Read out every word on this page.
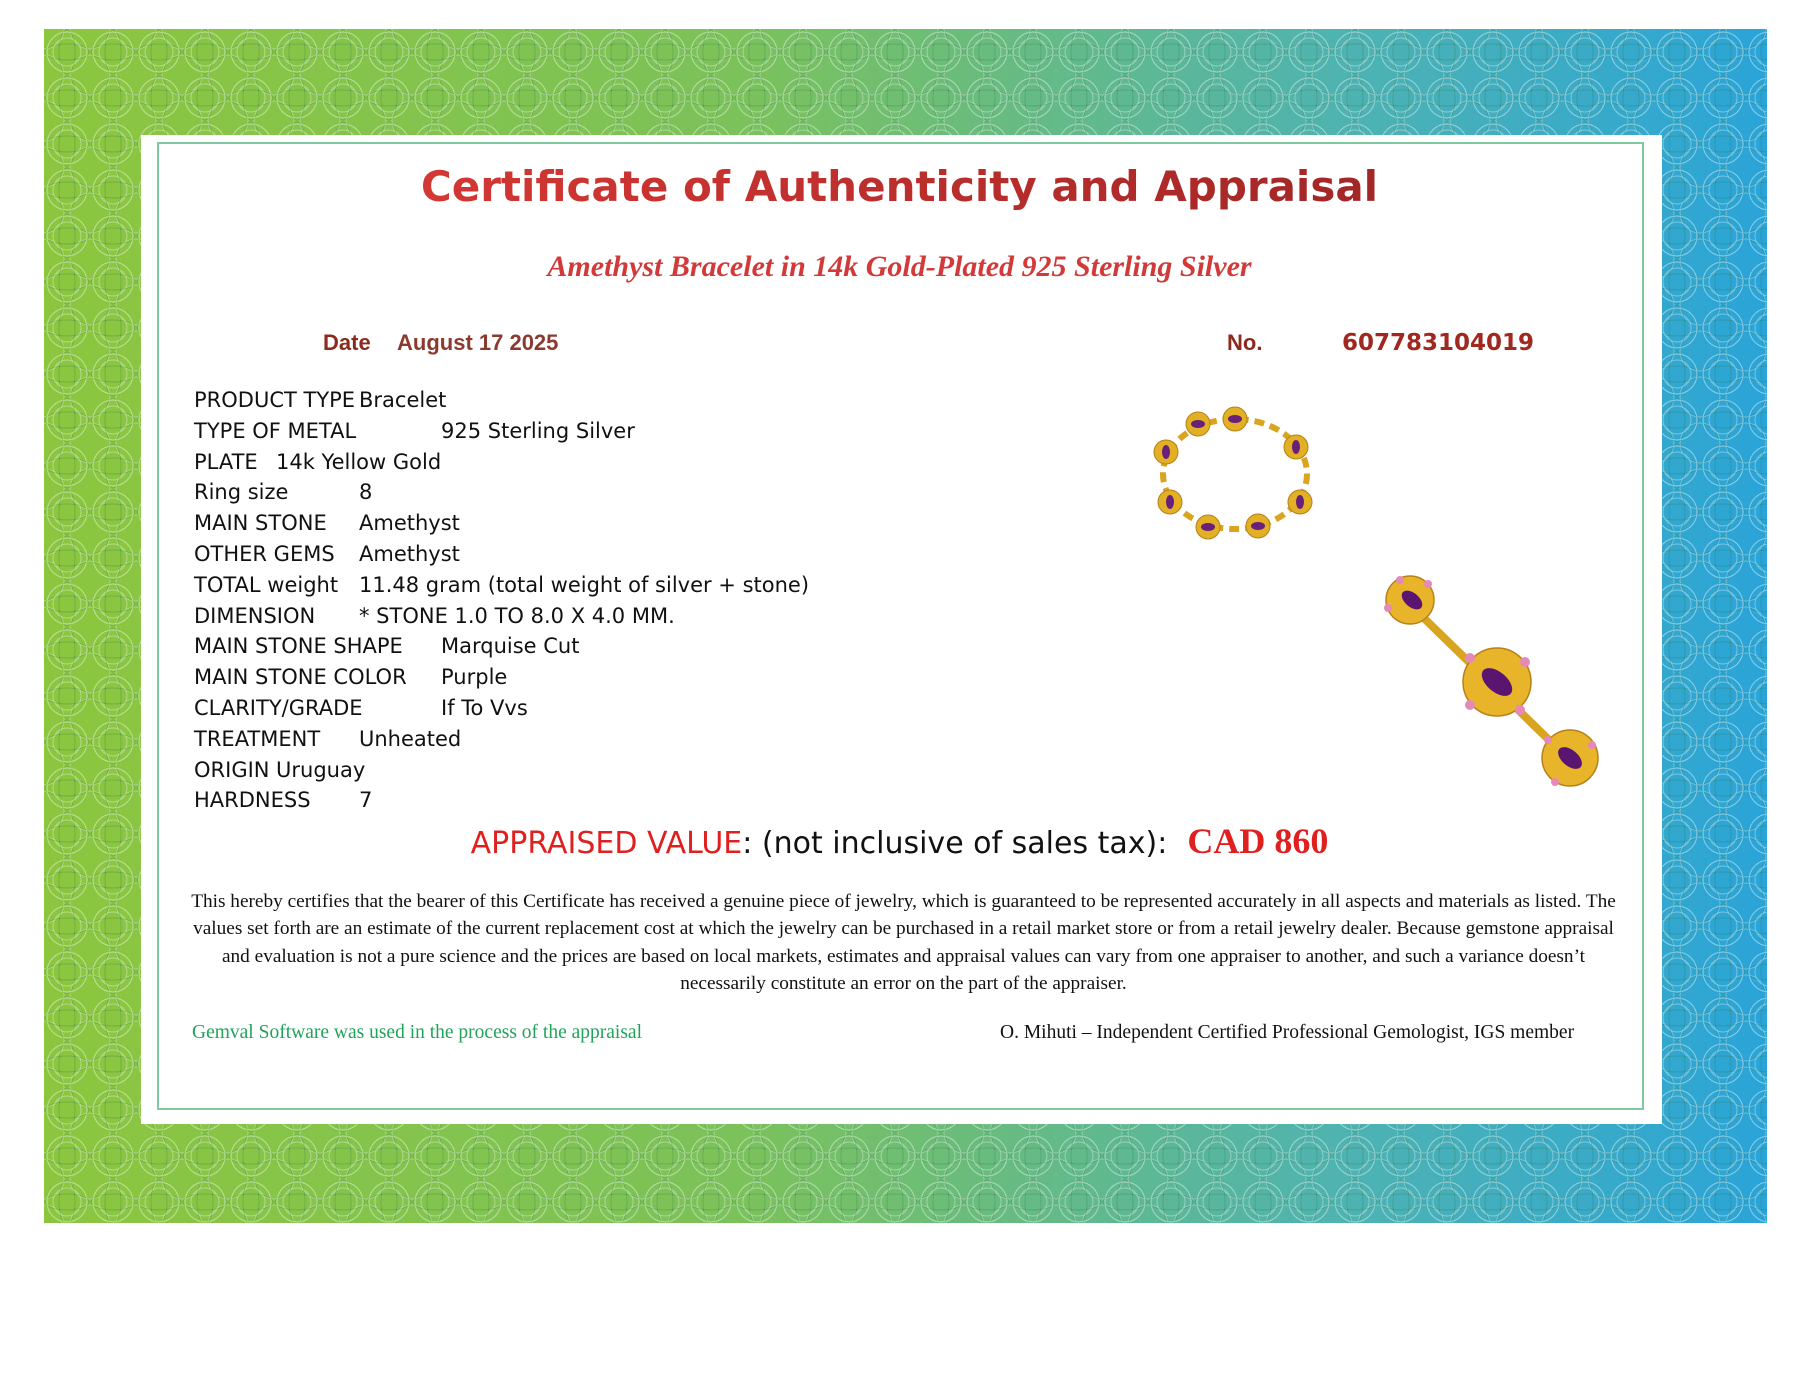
Certificate of Authenticity and Appraisal
Amethyst Bracelet in 14k Gold-Plated 925 Sterling Silver
Date August 17 2025	No.	607783104019
PRODUCT TYPE Bracelet
TYPE OF METAL	925 Sterling Silver
PLATE 14k Yellow Gold
Ring size	8
MAIN STONE Amethyst
OTHER GEMS Amethyst
TOTAL weight 11.48 gram (total weight of silver + stone)
DIMENSION * STONE 1.0 TO 8.0 X 4.0 MM.
MAIN STONE SHAPE Marquise Cut
MAIN STONE COLOR Purple
CLARITY/GRADE	If To Vvs
TREATMENT Unheated
ORIGIN Uruguay
HARDNESS 7
APPRAISED VALUE: (not inclusive of sales tax): CAD 860
This hereby certifies that the bearer of this Certificate has received a genuine piece of jewelry, which is guaranteed to be represented accurately in all aspects and materials as listed. The values set forth are an estimate of the current replacement cost at which the jewelry can be purchased in a retail market store or from a retail jewelry dealer. Because gemstone appraisal and evaluation is not a pure science and the prices are based on local markets, estimates and appraisal values can vary from one appraiser to another, and such a variance doesn’t necessarily constitute an error on the part of the appraiser.
Gemval Software was used in the process of the appraisal	O. Mihuti – Independent Certified Professional Gemologist, IGS member
